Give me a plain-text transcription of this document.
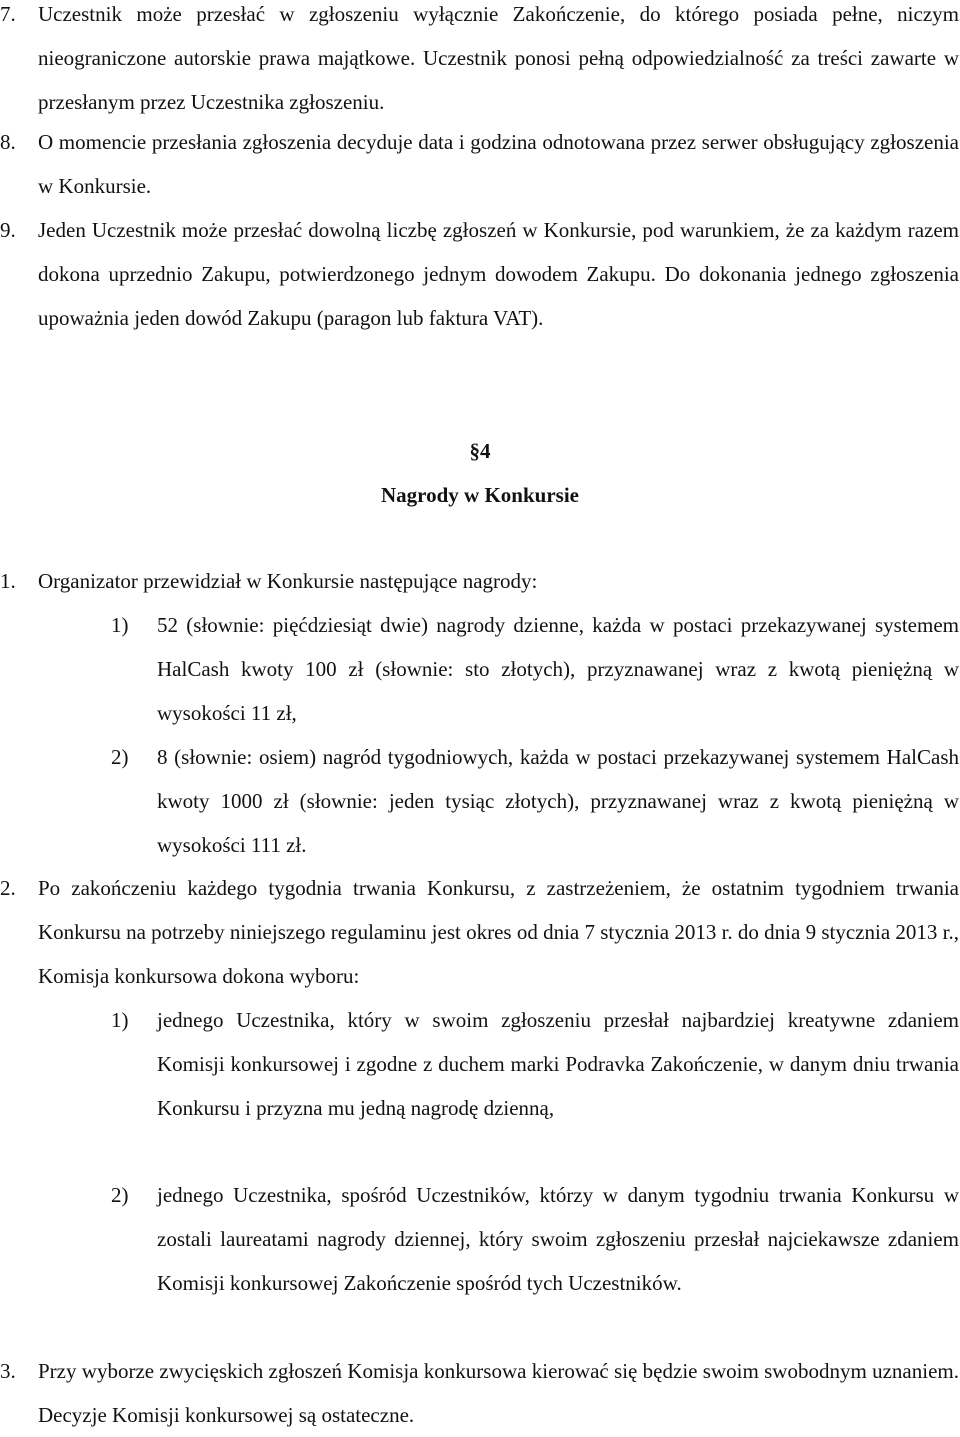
7. Uczestnik może przesłać w zgłoszeniu wyłącznie Zakończenie, do którego posiada pełne, niczym nieograniczone autorskie prawa majątkowe. Uczestnik ponosi pełną odpowiedzialność za treści zawarte w przesłanym przez Uczestnika zgłoszeniu.

8. O momencie przesłania zgłoszenia decyduje data i godzina odnotowana przez serwer obsługujący zgłoszenia w Konkursie.

9. Jeden Uczestnik może przesłać dowolną liczbę zgłoszeń w Konkursie, pod warunkiem, że za każdym razem dokona uprzednio Zakupu, potwierdzonego jednym dowodem Zakupu. Do dokonania jednego zgłoszenia upoważnia jeden dowód Zakupu (paragon lub faktura VAT).

§4

Nagrody w Konkursie

1. Organizator przewidział w Konkursie następujące nagrody:

1) 52 (słownie: pięćdziesiąt dwie) nagrody dzienne, każda w postaci przekazywanej systemem HalCash kwoty 100 zł (słownie: sto złotych), przyznawanej wraz z kwotą pieniężną w wysokości 11 zł,

2) 8 (słownie: osiem) nagród tygodniowych, każda w postaci przekazywanej systemem HalCash kwoty 1000 zł (słownie: jeden tysiąc złotych), przyznawanej wraz z kwotą pieniężną w wysokości 111 zł.

2. Po zakończeniu każdego tygodnia trwania Konkursu, z zastrzeżeniem, że ostatnim tygodniem trwania Konkursu na potrzeby niniejszego regulaminu jest okres od dnia 7 stycznia 2013 r. do dnia 9 stycznia 2013 r., Komisja konkursowa dokona wyboru:

1) jednego Uczestnika, który w swoim zgłoszeniu przesłał najbardziej kreatywne zdaniem Komisji konkursowej i zgodne z duchem marki Podravka Zakończenie, w danym dniu trwania Konkursu i przyzna mu jedną nagrodę dzienną,

2) jednego Uczestnika, spośród Uczestników, którzy w danym tygodniu trwania Konkursu w zostali laureatami nagrody dziennej, który swoim zgłoszeniu przesłał najciekawsze zdaniem Komisji konkursowej Zakończenie spośród tych Uczestników.

3. Przy wyborze zwycięskich zgłoszeń Komisja konkursowa kierować się będzie swoim swobodnym uznaniem. Decyzje Komisji konkursowej są ostateczne.
